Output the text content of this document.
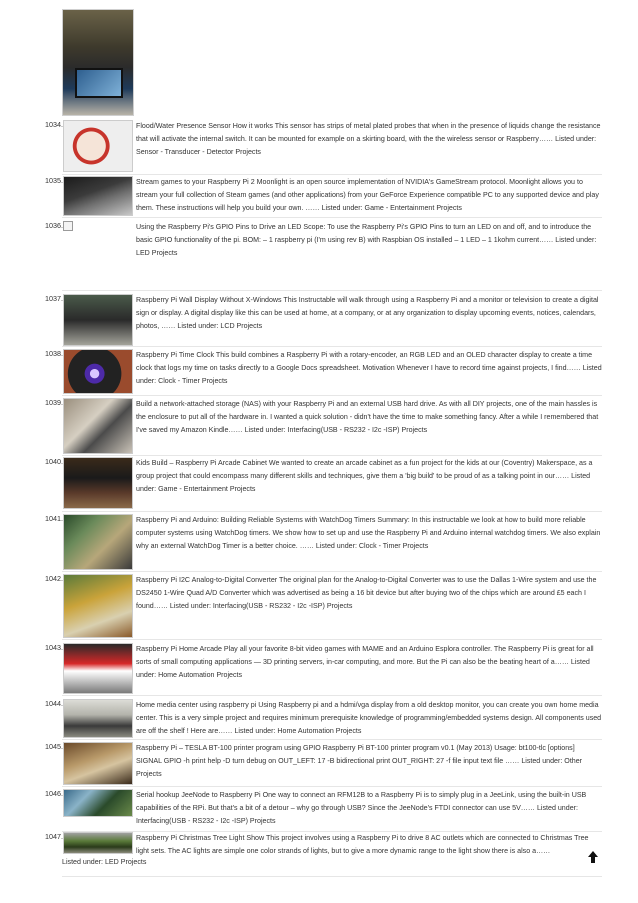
1034.	Flood/Water Presence Sensor How it works This sensor has strips of metal plated probes that when in the presence of liquids change the resistance that will activate the internal switch. It can be mounted for example on a skirting board, with the the wireless sensor or Raspberry…… Listed under: Sensor - Transducer - Detector Projects
1035.	Stream games to your Raspberry Pi 2 Moonlight is an open source implementation of NVIDIA's GameStream protocol. Moonlight allows you to stream your full collection of Steam games (and other applications) from your GeForce Experience compatible PC to any supported device and play them. These instructions will help you build your own. …… Listed under: Game - Entertainment Projects
1036.	Using the Raspberry Pi's GPIO Pins to Drive an LED Scope: To use the Raspberry Pi's GPIO Pins to turn an LED on and off, and to introduce the basic GPIO functionality of the pi. BOM: – 1 raspberry pi (I'm using rev B) with Raspbian OS installed – 1 LED – 1 1kohm current…… Listed under: LED Projects
1037.	Raspberry Pi Wall Display Without X-Windows This Instructable will walk through using a Raspberry Pi and a monitor or television to create a digital sign or display. A digital display like this can be used at home, at a company, or at any organization to display upcoming events, notices, calendars, photos, …… Listed under: LCD Projects
1038.	Raspberry Pi Time Clock This build combines a Raspberry Pi with a rotary-encoder, an RGB LED and an OLED character display to create a time clock that logs my time on tasks directly to a Google Docs spreadsheet. Motivation Whenever I have to record time against projects, I find…… Listed under: Clock - Timer Projects
1039.	Build a network-attached storage (NAS) with your Raspberry Pi and an external USB hard drive. As with all DIY projects, one of the main hassles is the enclosure to put all of the hardware in. I wanted a quick solution - didn't have the time to make something fancy. After a while I remembered that I've saved my Amazon Kindle…… Listed under: Interfacing(USB - RS232 - I2c -ISP) Projects
1040.	Kids Build – Raspberry Pi Arcade Cabinet We wanted to create an arcade cabinet as a fun project for the kids at our (Coventry) Makerspace, as a group project that could encompass many different skills and techniques, give them a 'big build' to be proud of as a talking point in our…… Listed under: Game - Entertainment Projects
1041.	Raspberry Pi and Arduino: Building Reliable Systems with WatchDog Timers Summary: In this instructable we look at how to build more reliable computer systems using WatchDog timers. We show how to set up and use the Raspberry Pi and Arduino internal watchdog timers. We also explain why an external WatchDog Timer is a better choice. …… Listed under: Clock - Timer Projects
1042.	Raspberry Pi I2C Analog-to-Digital Converter The original plan for the Analog-to-Digital Converter was to use the Dallas 1-Wire system and use the DS2450 1-Wire Quad A/D Converter which was advertised as being a 16 bit device but after buying two of the chips which are around £5 each I found…… Listed under: Interfacing(USB - RS232 - I2c -ISP) Projects
1043.	Raspberry Pi Home Arcade Play all your favorite 8-bit video games with MAME and an Arduino Esplora controller. The Raspberry Pi is great for all sorts of small computing applications — 3D printing servers, in-car computing, and more. But the Pi can also be the beating heart of a…… Listed under: Home Automation Projects
1044.	Home media center using raspberry pi Using Raspberry pi and a hdmi/vga display from a old desktop monitor, you can create you own home media center. This is a very simple project and requires minimum prerequisite knowledge of programming/embedded systems design. All components used are off the shelf ! Here are…… Listed under: Home Automation Projects
1045.	Raspberry Pi – TESLA BT-100 printer program using GPIO Raspberry Pi BT-100 printer program v0.1 (May 2013) Usage: bt100-tlc [options] SIGNAL GPIO -h print help -D turn debug on OUT_LEFT: 17 -B bidirectional print OUT_RIGHT: 27 -f file input text file …… Listed under: Other Projects
1046.	Serial hookup JeeNode to Raspberry Pi One way to connect an RFM12B to a Raspberry Pi is to simply plug in a JeeLink, using the built-in USB capabilities of the RPi. But that's a bit of a detour – why go through USB? Since the JeeNode's FTDI connector can use 5V…… Listed under: Interfacing(USB - RS232 - I2c -ISP) Projects
1047.	Raspberry Pi Christmas Tree Light Show This project involves using a Raspberry Pi to drive 8 AC outlets which are connected to Christmas Tree light sets. The AC lights are simple one color strands of lights, but to give a more dynamic range to the light show there is also a……
Listed under: LED Projects
